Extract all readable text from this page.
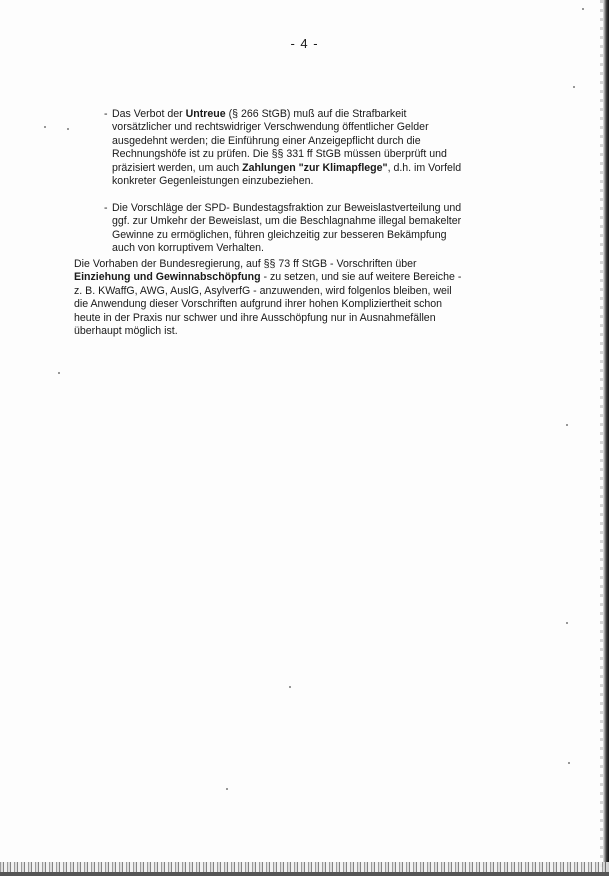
- 4 -
- Das Verbot der Untreue (§ 266 StGB) muß auf die Strafbarkeit
vorsätzlicher und rechtswidriger Verschwendung öffentlicher Gelder
ausgedehnt werden; die Einführung einer Anzeigepflicht durch die
Rechnungshöfe ist zu prüfen. Die §§ 331 ff StGB müssen überprüft und
präzisiert werden, um auch Zahlungen "zur Klimapflege", d.h. im Vorfeld
konkreter Gegenleistungen einzubeziehen.
- Die Vorschläge der SPD- Bundestagsfraktion zur Beweislastverteilung und
ggf. zur Umkehr der Beweislast, um die Beschlagnahme illegal bemakelter
Gewinne zu ermöglichen, führen gleichzeitig zur besseren Bekämpfung
auch von korruptivem Verhalten.
Die Vorhaben der Bundesregierung, auf §§ 73 ff StGB - Vorschriften über
Einziehung und Gewinnabschöpfung - zu setzen, und sie auf weitere Bereiche -
z. B. KWaffG, AWG, AuslG, AsylverfG - anzuwenden, wird folgenlos bleiben, weil
die Anwendung dieser Vorschriften aufgrund ihrer hohen Kompliziertheit schon
heute in der Praxis nur schwer und ihre Ausschöpfung nur in Ausnahmefällen
überhaupt möglich ist.
